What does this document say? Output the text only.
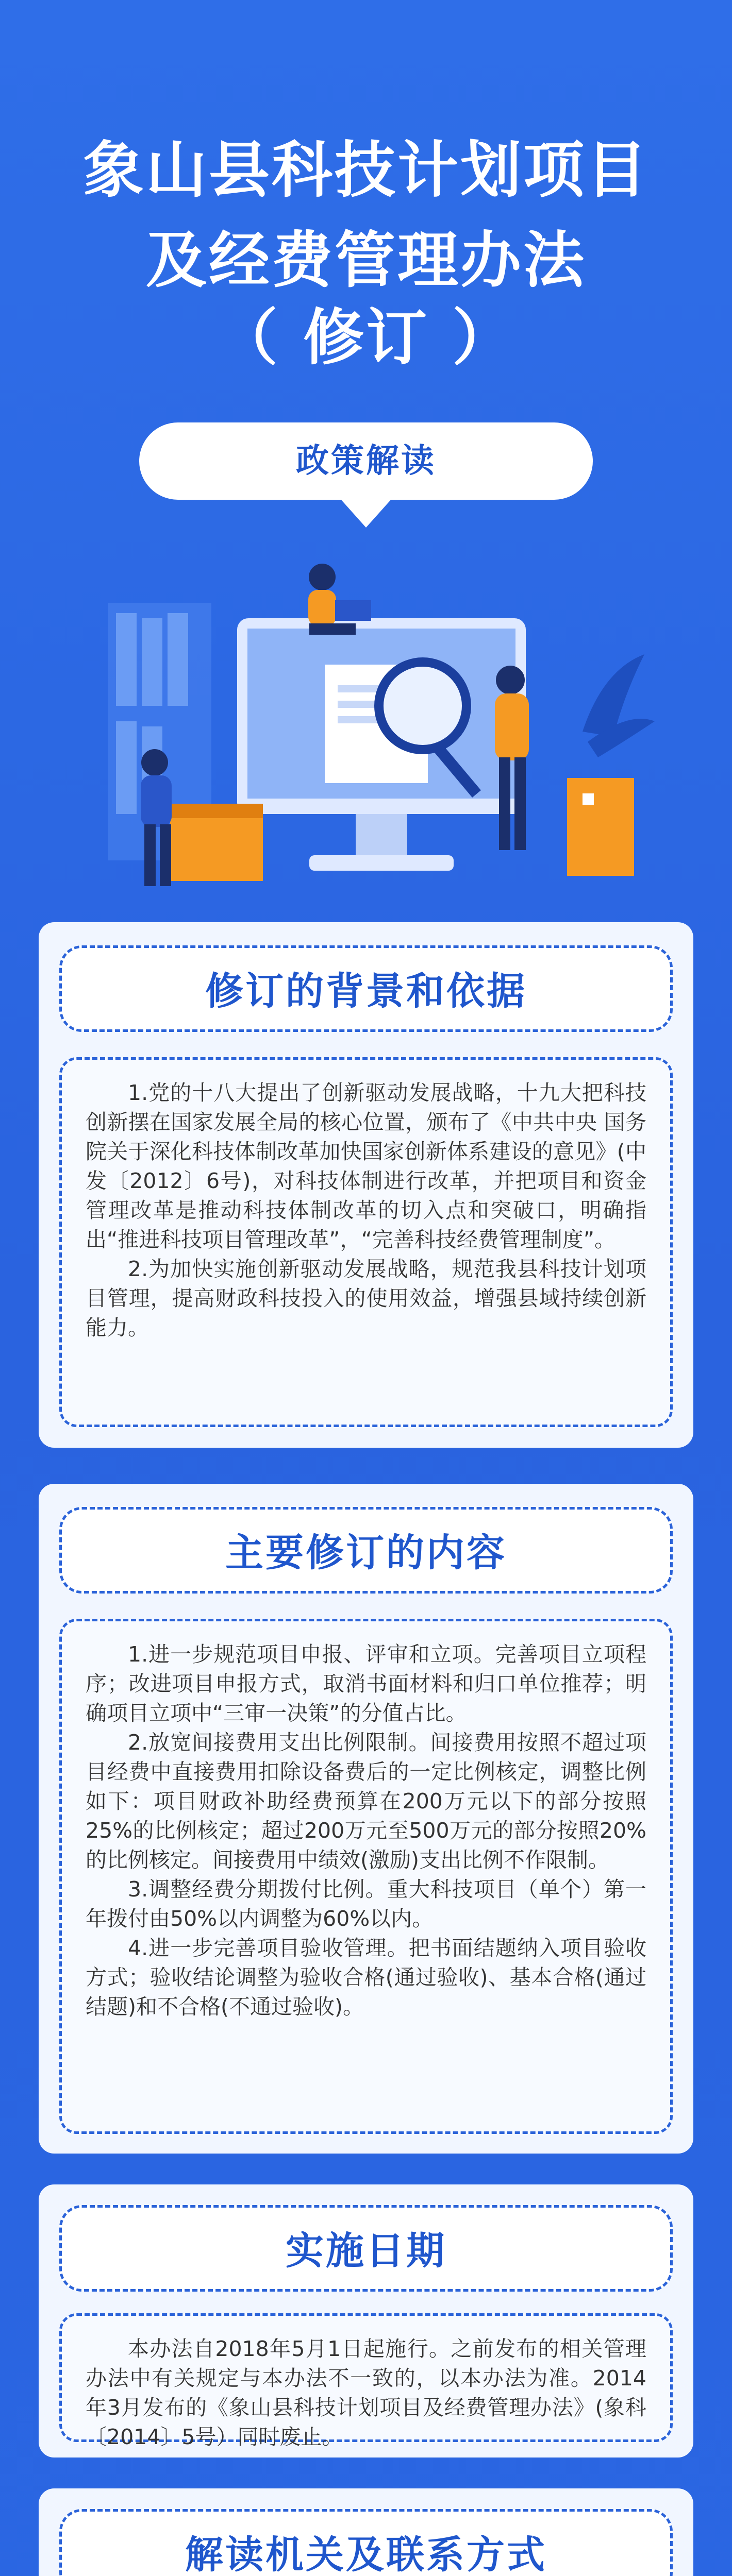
象山县科技计划项目
及经费管理办法
（ 修订 ）
政策解读
修订的背景和依据

1.党的十八大提出了创新驱动发展战略，十九大把科技创新摆在国家发展全局的核心位置，颁布了《中共中央 国务院关于深化科技体制改革加快国家创新体系建设的意见》(中发〔2012〕6号)，对科技体制进行改革，并把项目和资金管理改革是推动科技体制改革的切入点和突破口，明确指出“推进科技项目管理改革”，“完善科技经费管理制度”。

2.为加快实施创新驱动发展战略，规范我县科技计划项目管理，提高财政科技投入的使用效益，增强县域持续创新能力。

主要修订的内容

1.进一步规范项目申报、评审和立项。完善项目立项程序；改进项目申报方式，取消书面材料和归口单位推荐；明确项目立项中“三审一决策”的分值占比。

2.放宽间接费用支出比例限制。间接费用按照不超过项目经费中直接费用扣除设备费后的一定比例核定，调整比例如下：项目财政补助经费预算在200万元以下的部分按照25%的比例核定；超过200万元至500万元的部分按照20%的比例核定。间接费用中绩效(激励)支出比例不作限制。

3.调整经费分期拨付比例。重大科技项目（单个）第一年拨付由50%以内调整为60%以内。

4.进一步完善项目验收管理。把书面结题纳入项目验收方式；验收结论调整为验收合格(通过验收)、基本合格(通过结题)和不合格(不通过验收)。

实施日期

本办法自2018年5月1日起施行。之前发布的相关管理办法中有关规定与本办法不一致的，以本办法为准。2014年3月发布的《象山县科技计划项目及经费管理办法》(象科〔2014〕5号）同时废止。

解读机关及联系方式
